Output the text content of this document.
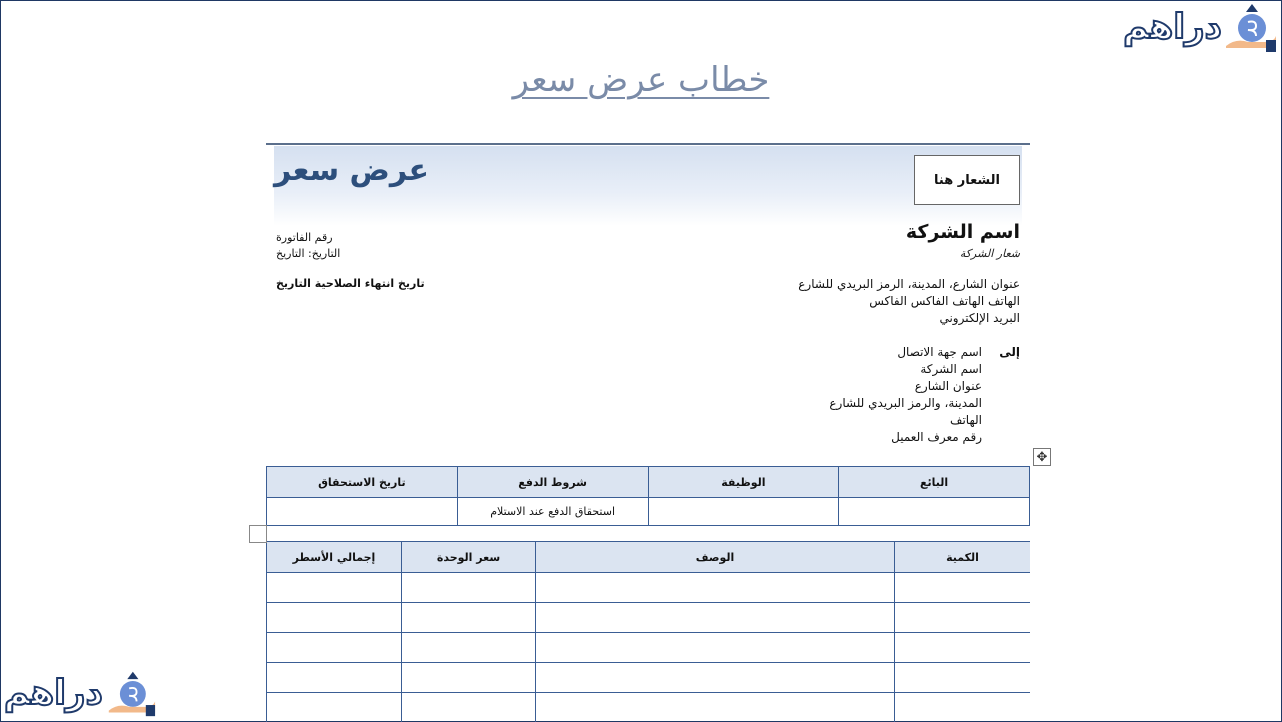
دراهم
دراهم
خطاب عرض سعر
الشعار هنا
عرض سعر
اسم الشركة
شعار الشركة
عنوان الشارع، المدينة، الرمز البريدي للشارع
الهاتف الهاتف الفاكس الفاكس
البريد الإلكتروني
رقم الفاتورة
التاريخ: التاريخ
تاريخ انتهاء الصلاحية التاريخ
إلى
اسم جهة الاتصال
اسم الشركة
عنوان الشارع
المدينة، والرمز البريدي للشارع
الهاتف
رقم معرف العميل
البائع	الوظيفة	شروط الدفع	تاريخ الاستحقاق
		استحقاق الدفع عند الاستلام	
الكمية	الوصف	سعر الوحدة	إجمالي الأسطر

✥
